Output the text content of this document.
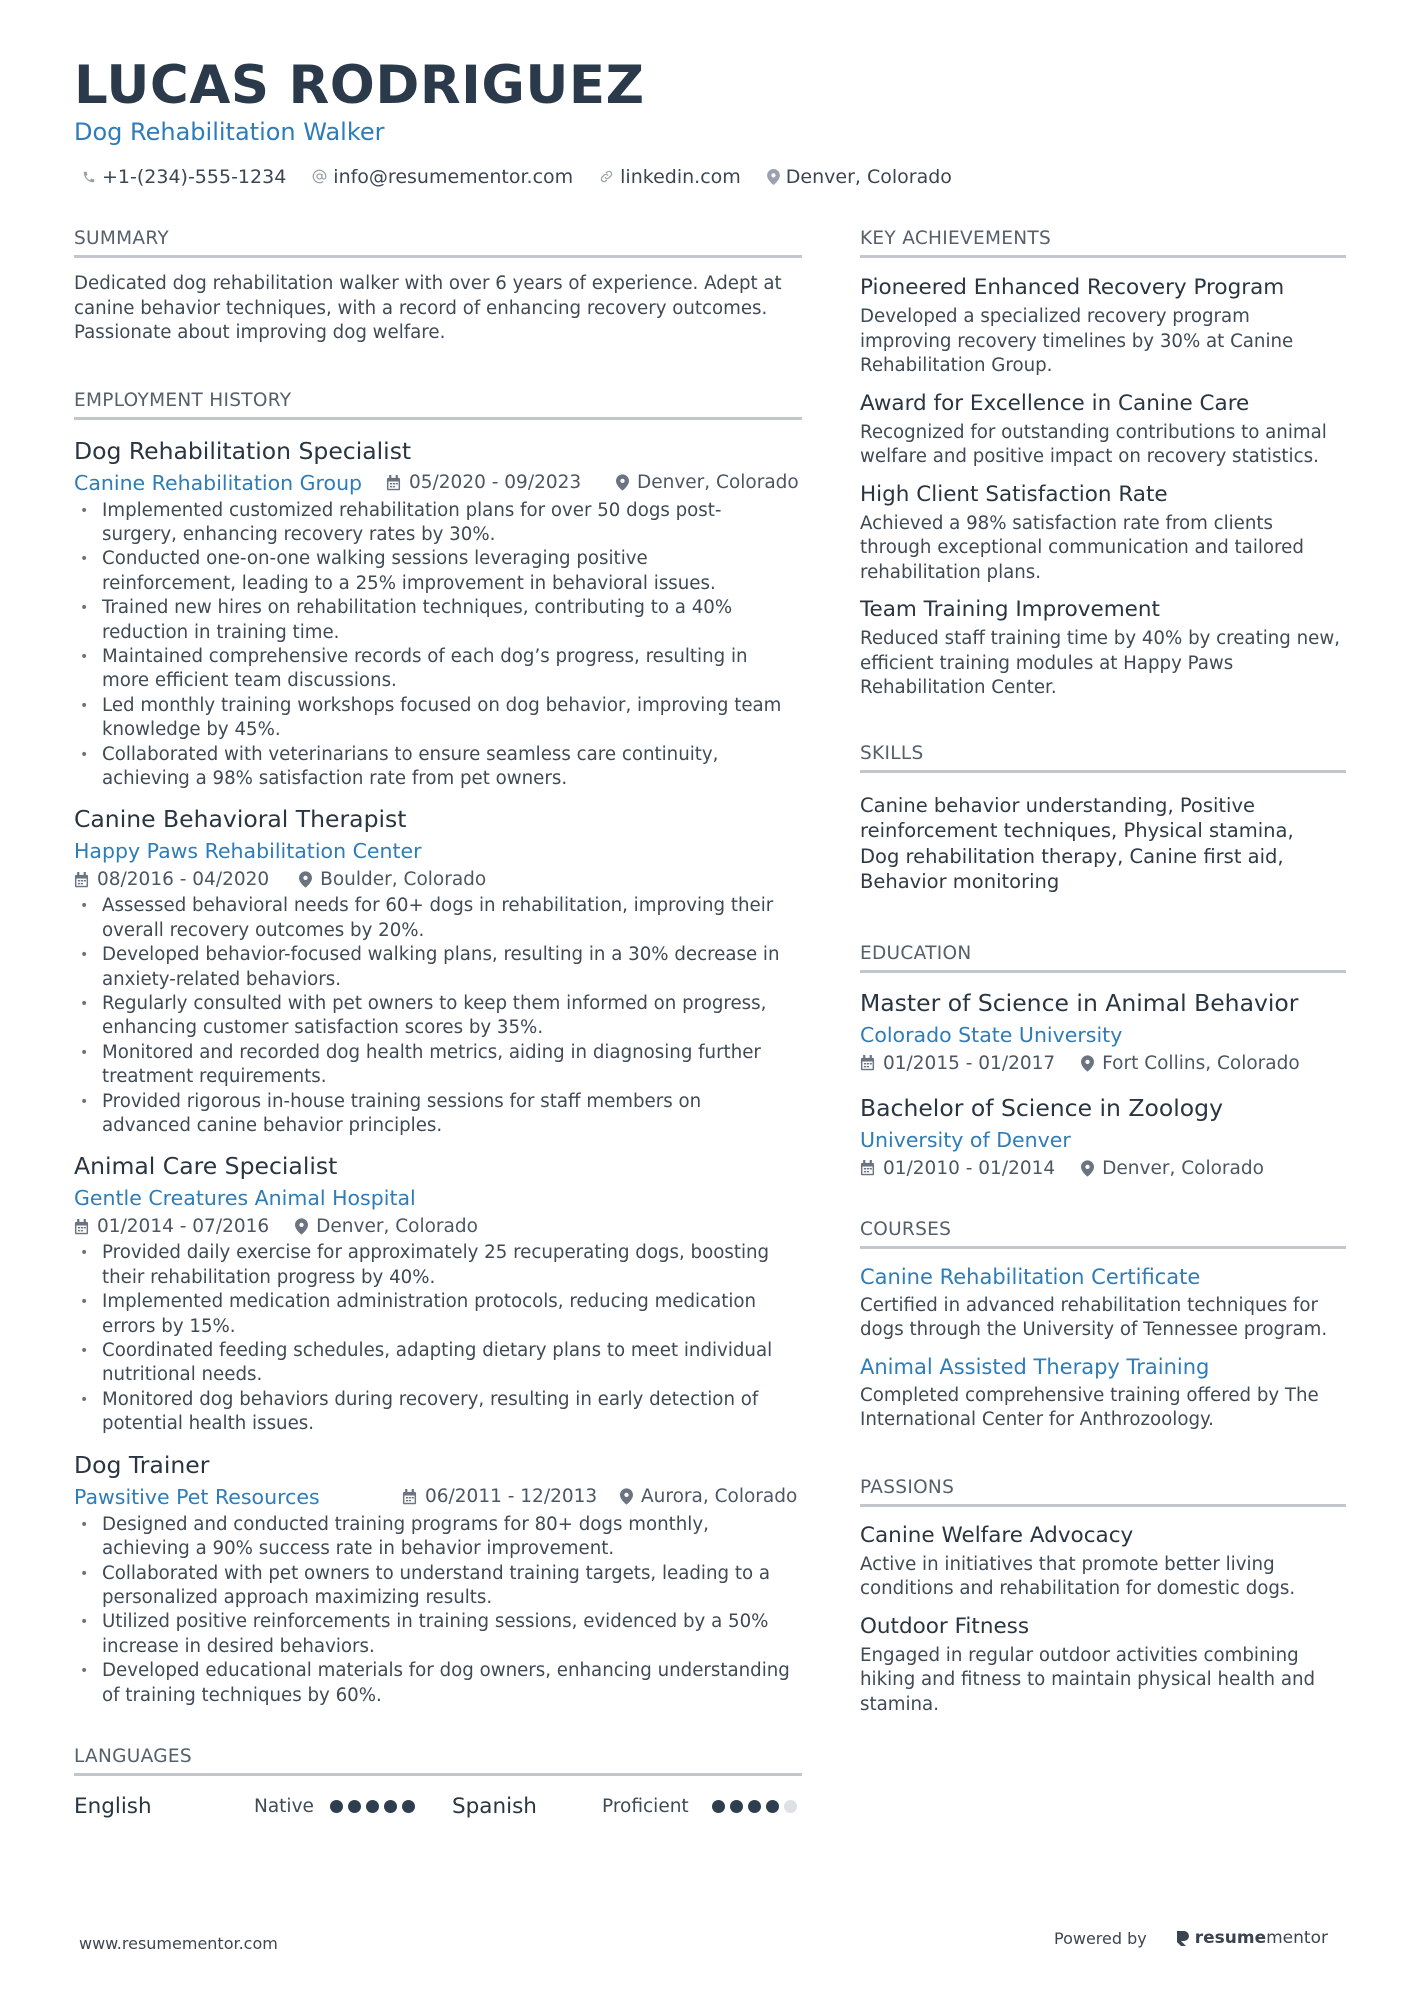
LUCAS RODRIGUEZ
Dog Rehabilitation Walker
+1-(234)-555-1234 info@resumementor.com linkedin.com Denver, Colorado
SUMMARY
Dedicated dog rehabilitation walker with over 6 years of experience. Adept at
canine behavior techniques, with a record of enhancing recovery outcomes.
Passionate about improving dog welfare.
EMPLOYMENT HISTORY
Dog Rehabilitation Specialist
Canine Rehabilitation Group	05/2020 - 09/2023	Denver, Colorado
• Implemented customized rehabilitation plans for over 50 dogs post-
surgery, enhancing recovery rates by 30%.
• Conducted one-on-one walking sessions leveraging positive
reinforcement, leading to a 25% improvement in behavioral issues.
• Trained new hires on rehabilitation techniques, contributing to a 40%
reduction in training time.
• Maintained comprehensive records of each dog’s progress, resulting in
more efficient team discussions.
• Led monthly training workshops focused on dog behavior, improving team
knowledge by 45%.
• Collaborated with veterinarians to ensure seamless care continuity,
achieving a 98% satisfaction rate from pet owners.
Canine Behavioral Therapist
Happy Paws Rehabilitation Center
08/2016 - 04/2020	Boulder, Colorado
• Assessed behavioral needs for 60+ dogs in rehabilitation, improving their
overall recovery outcomes by 20%.
• Developed behavior-focused walking plans, resulting in a 30% decrease in
anxiety-related behaviors.
• Regularly consulted with pet owners to keep them informed on progress,
enhancing customer satisfaction scores by 35%.
• Monitored and recorded dog health metrics, aiding in diagnosing further
treatment requirements.
• Provided rigorous in-house training sessions for staff members on
advanced canine behavior principles.
Animal Care Specialist
Gentle Creatures Animal Hospital
01/2014 - 07/2016	Denver, Colorado
• Provided daily exercise for approximately 25 recuperating dogs, boosting
their rehabilitation progress by 40%.
• Implemented medication administration protocols, reducing medication
errors by 15%.
• Coordinated feeding schedules, adapting dietary plans to meet individual
nutritional needs.
• Monitored dog behaviors during recovery, resulting in early detection of
potential health issues.
Dog Trainer
Pawsitive Pet Resources	06/2011 - 12/2013 Aurora, Colorado
• Designed and conducted training programs for 80+ dogs monthly,
achieving a 90% success rate in behavior improvement.
• Collaborated with pet owners to understand training targets, leading to a
personalized approach maximizing results.
• Utilized positive reinforcements in training sessions, evidenced by a 50%
increase in desired behaviors.
• Developed educational materials for dog owners, enhancing understanding
of training techniques by 60%.
LANGUAGES
English	Native	Spanish	Proficient
KEY ACHIEVEMENTS
Pioneered Enhanced Recovery Program
Developed a specialized recovery program
improving recovery timelines by 30% at Canine
Rehabilitation Group.
Award for Excellence in Canine Care
Recognized for outstanding contributions to animal
welfare and positive impact on recovery statistics.
High Client Satisfaction Rate
Achieved a 98% satisfaction rate from clients
through exceptional communication and tailored
rehabilitation plans.
Team Training Improvement
Reduced staff training time by 40% by creating new,
efficient training modules at Happy Paws
Rehabilitation Center.
SKILLS
Canine behavior understanding, Positive
reinforcement techniques, Physical stamina,
Dog rehabilitation therapy, Canine first aid,
Behavior monitoring
EDUCATION
Master of Science in Animal Behavior
Colorado State University
01/2015 - 01/2017	Fort Collins, Colorado
Bachelor of Science in Zoology
University of Denver
01/2010 - 01/2014	Denver, Colorado
COURSES
Canine Rehabilitation Certificate
Certified in advanced rehabilitation techniques for
dogs through the University of Tennessee program.
Animal Assisted Therapy Training
Completed comprehensive training offered by The
International Center for Anthrozoology.
PASSIONS
Canine Welfare Advocacy
Active in initiatives that promote better living
conditions and rehabilitation for domestic dogs.
Outdoor Fitness
Engaged in regular outdoor activities combining
hiking and fitness to maintain physical health and
stamina.
www.resumementor.com	Powered by	resume mentor
